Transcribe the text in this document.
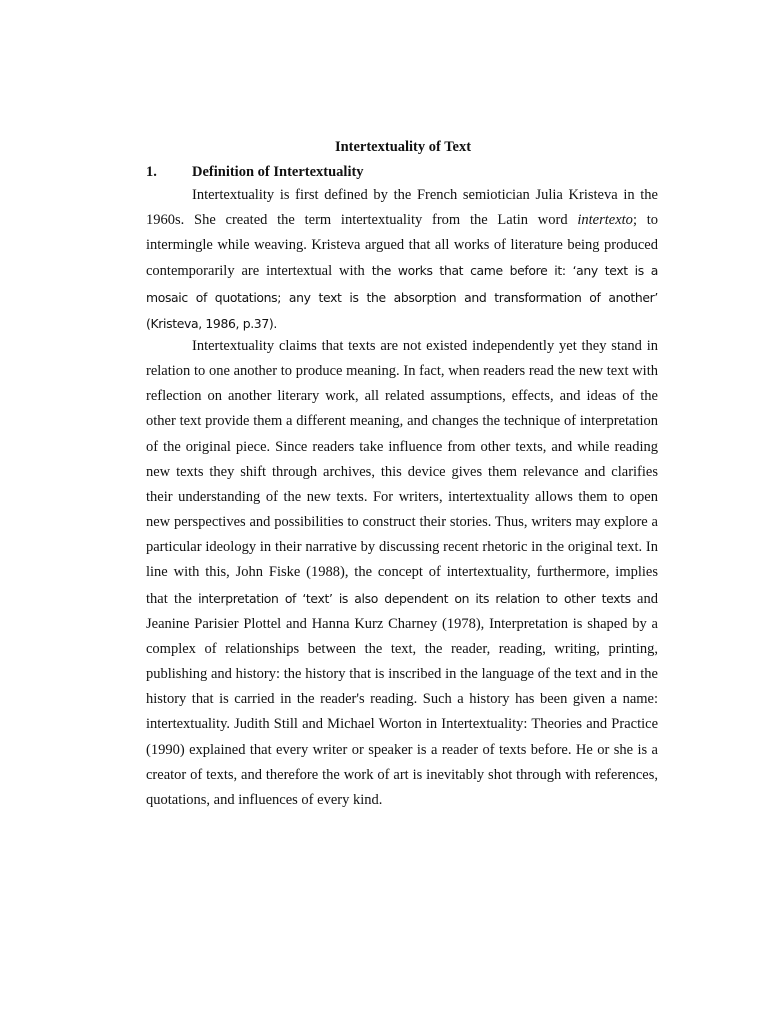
Intertextuality of Text
1. Definition of Intertextuality

Intertextuality is first defined by the French semiotician Julia Kristeva in the 1960s. She created the term intertextuality from the Latin word intertexto; to intermingle while weaving. Kristeva argued that all works of literature being produced contemporarily are intertextual with the works that came before it: ‘any text is a mosaic of quotations; any text is the absorption and transformation of another’ (Kristeva, 1986, p.37).

Intertextuality claims that texts are not existed independently yet they stand in relation to one another to produce meaning. In fact, when readers read the new text with reflection on another literary work, all related assumptions, effects, and ideas of the other text provide them a different meaning, and changes the technique of interpretation of the original piece. Since readers take influence from other texts, and while reading new texts they shift through archives, this device gives them relevance and clarifies their understanding of the new texts. For writers, intertextuality allows them to open new perspectives and possibilities to construct their stories. Thus, writers may explore a particular ideology in their narrative by discussing recent rhetoric in the original text. In line with this, John Fiske (1988), the concept of intertextuality, furthermore, implies that the interpretation of ‘text’ is also dependent on its relation to other texts and Jeanine Parisier Plottel and Hanna Kurz Charney (1978), Interpretation is shaped by a complex of relationships between the text, the reader, reading, writing, printing, publishing and history: the history that is inscribed in the language of the text and in the history that is carried in the reader's reading. Such a history has been given a name: intertextuality. Judith Still and Michael Worton in Intertextuality: Theories and Practice (1990) explained that every writer or speaker is a reader of texts before. He or she is a creator of texts, and therefore the work of art is inevitably shot through with references, quotations, and influences of every kind.
